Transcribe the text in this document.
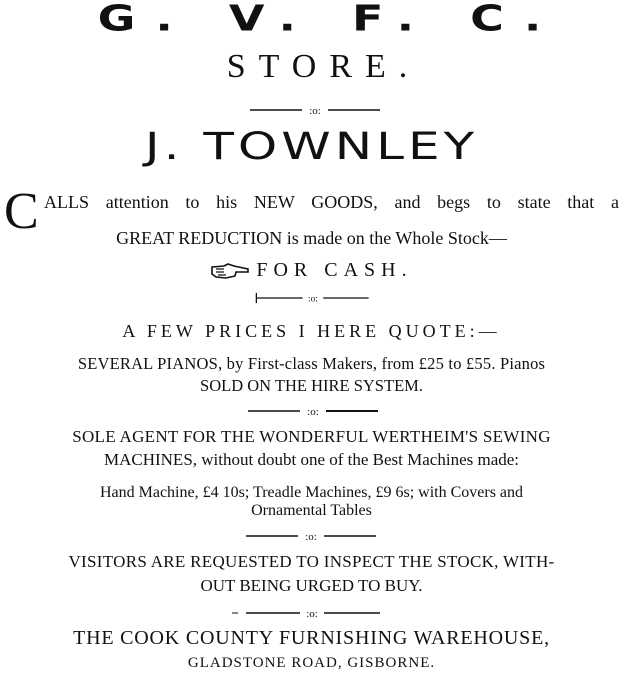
G. V. F. C.
STORE.
:o:
J. TOWNLEY
C ALLS attention to his NEW GOODS, and begs to state that a
GREAT REDUCTION is made on the Whole Stock—
FOR CASH.
:o:
A FEW PRICES I HERE QUOTE:—
SEVERAL PIANOS, by First-class Makers, from £25 to £55. Pianos
SOLD ON THE HIRE SYSTEM.
:o:
SOLE AGENT FOR THE WONDERFUL WERTHEIM'S SEWING
MACHINES, without doubt one of the Best Machines made:
Hand Machine, £4 10s; Treadle Machines, £9 6s; with Covers and
Ornamental Tables
:o:
VISITORS ARE REQUESTED TO INSPECT THE STOCK, WITH-
OUT BEING URGED TO BUY.
:o:
THE COOK COUNTY FURNISHING WAREHOUSE,
GLADSTONE ROAD, GISBORNE.
